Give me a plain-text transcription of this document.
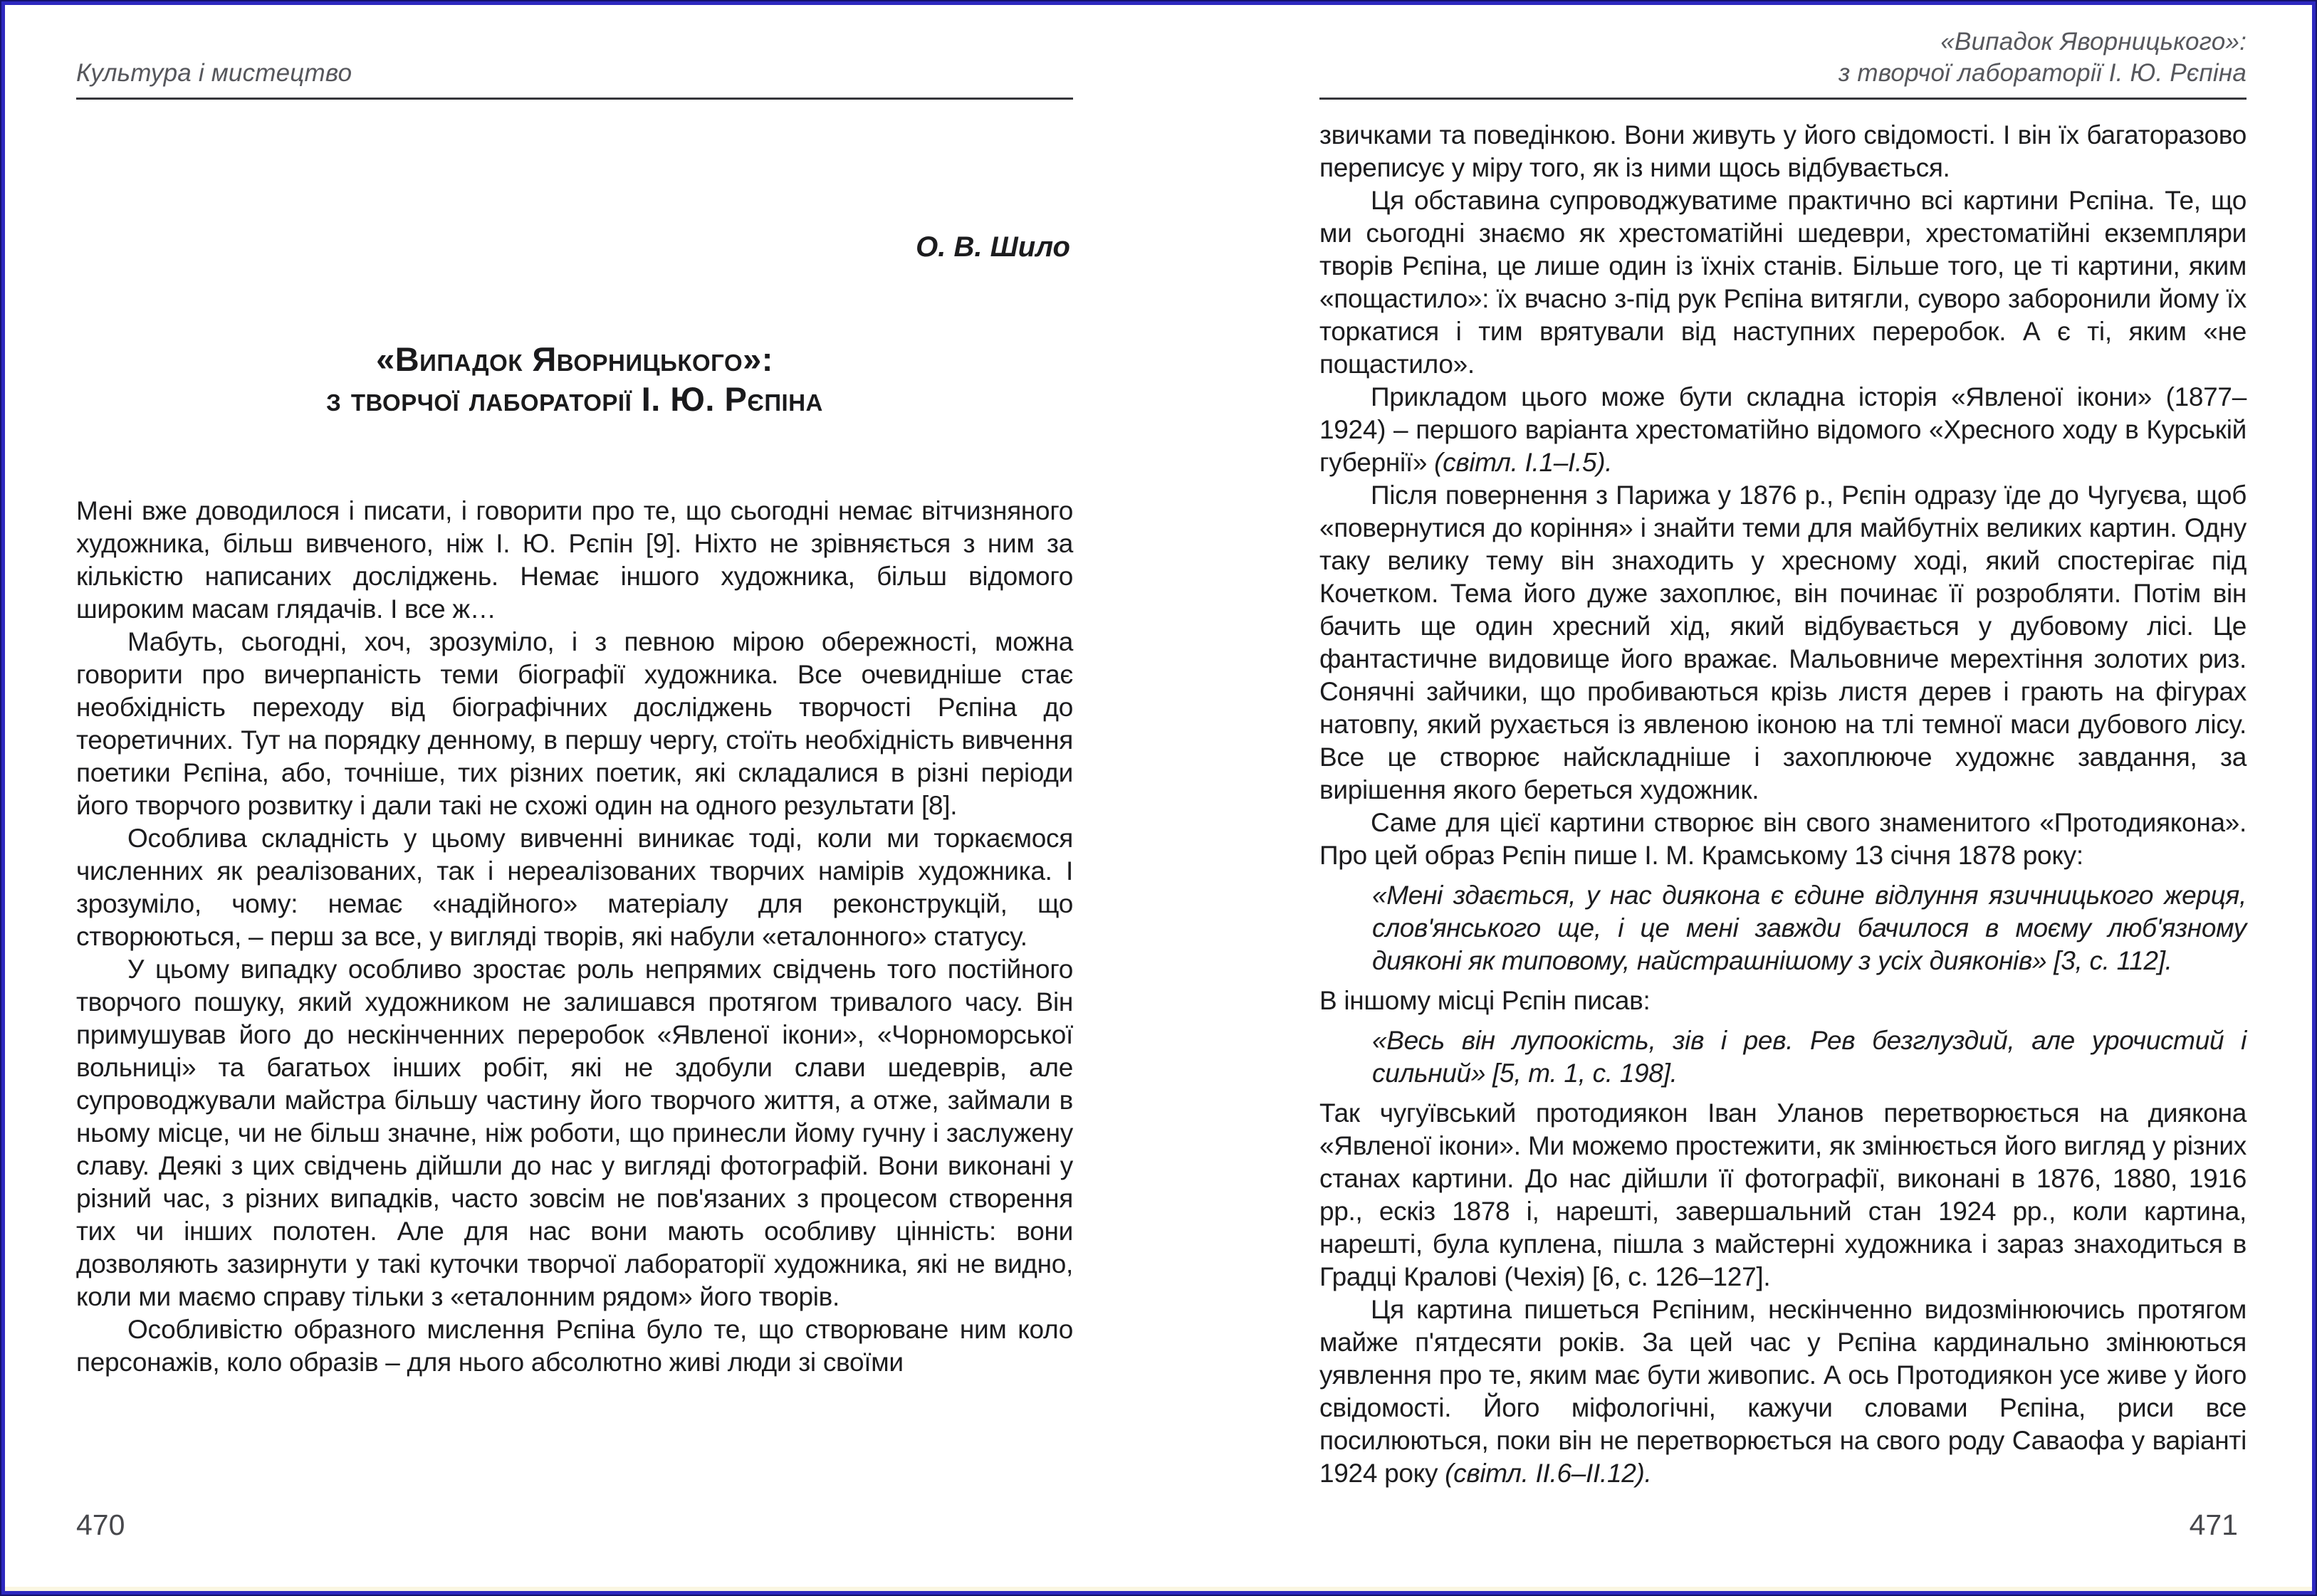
Культура і мистецтво
О. В. Шило
«Випадок Яворницького»:
з творчої лабораторії І. Ю. Рєпіна

Мені вже доводилося і писати, і говорити про те, що сьогодні немає вітчизняного художника, більш вивченого, ніж І. Ю. Рєпін [9]. Ніхто не зрівняється з ним за кількістю написаних досліджень. Немає іншого художника, більш відомого широким масам глядачів. І все ж…

Мабуть, сьогодні, хоч, зрозуміло, і з певною мірою обережності, можна говорити про вичерпаність теми біографії художника. Все очевидніше стає необхідність переходу від біографічних досліджень творчості Рєпіна до теоретичних. Тут на порядку денному, в першу чергу, стоїть необхідність вивчення поетики Рєпіна, або, точніше, тих різних поетик, які складалися в різні періоди його творчого розвитку і дали такі не схожі один на одного результати [8].

Особлива складність у цьому вивченні виникає тоді, коли ми торкаємося численних як реалізованих, так і нереалізованих творчих намірів художника. І зрозуміло, чому: немає «надійного» матеріалу для реконструкцій, що створюються, – перш за все, у вигляді творів, які набули «еталонного» статусу.

У цьому випадку особливо зростає роль непрямих свідчень того постійного творчого пошуку, який художником не залишався протягом тривалого часу. Він примушував його до нескінченних переробок «Явленої ікони», «Чорноморської вольниці» та багатьох інших робіт, які не здобули слави шедеврів, але супроводжували майстра більшу частину його творчого життя, а отже, займали в ньому місце, чи не більш значне, ніж роботи, що принесли йому гучну і заслужену славу. Деякі з цих свідчень дійшли до нас у вигляді фотографій. Вони виконані у різний час, з різних випадків, часто зовсім не пов'язаних з процесом створення тих чи інших полотен. Але для нас вони мають особливу цінність: вони дозволяють зазирнути у такі куточки творчої лабораторії художника, які не видно, коли ми маємо справу тільки з «еталонним рядом» його творів.

Особливістю образного мислення Рєпіна було те, що створюване ним коло персонажів, коло образів – для нього абсолютно живі люди зі своїми

470
«Випадок Яворницького»:
з творчої лабораторії І. Ю. Рєпіна

звичками та поведінкою. Вони живуть у його свідомості. І він їх багаторазово переписує у міру того, як із ними щось відбувається.

Ця обставина супроводжуватиме практично всі картини Рєпіна. Те, що ми сьогодні знаємо як хрестоматійні шедеври, хрестоматійні екземпляри творів Рєпіна, це лише один із їхніх станів. Більше того, це ті картини, яким «пощастило»: їх вчасно з-під рук Рєпіна витягли, суворо заборонили йому їх торкатися і тим врятували від наступних переробок. А є ті, яким «не пощастило».

Прикладом цього може бути складна історія «Явленої ікони» (1877–1924) – першого варіанта хрестоматійно відомого «Хресного ходу в Курській губернії» (світл. І.1–І.5).

Після повернення з Парижа у 1876 р., Рєпін одразу їде до Чугуєва, щоб «повернутися до коріння» і знайти теми для майбутніх великих картин. Одну таку велику тему він знаходить у хресному ході, який спостерігає під Кочетком. Тема його дуже захоплює, він починає її розробляти. Потім він бачить ще один хресний хід, який відбувається у дубовому лісі. Це фантастичне видовище його вражає. Мальовниче мерехтіння золотих риз. Сонячні зайчики, що пробиваються крізь листя дерев і грають на фігурах натовпу, який рухається із явленою іконою на тлі темної маси дубового лісу. Все це створює найскладніше і захоплююче художнє завдання, за вирішення якого береться художник.

Саме для цієї картини створює він свого знаменитого «Протодиякона». Про цей образ Рєпін пише І. М. Крамському 13 січня 1878 року:

«Мені здається, у нас диякона є єдине відлуння язичницького жерця, слов'янського ще, і це мені завжди бачилося в моєму люб'язному дияконі як типовому, найстрашнішому з усіх дияконів» [3, с. 112].

В іншому місці Рєпін писав:

«Весь він лупоокість, зів і рев. Рев безглуздий, але урочистий і сильний» [5, т. 1, с. 198].

Так чугуївський протодиякон Іван Уланов перетворюється на диякона «Явленої ікони». Ми можемо простежити, як змінюється його вигляд у різних станах картини. До нас дійшли її фотографії, виконані в 1876, 1880, 1916 рр., ескіз 1878 і, нарешті, завершальний стан 1924 рр., коли картина, нарешті, була куплена, пішла з майстерні художника і зараз знаходиться в Градці Кралові (Чехія) [6, с. 126–127].

Ця картина пишеться Рєпіним, нескінченно видозмінюючись протягом майже п'ятдесяти років. За цей час у Рєпіна кардинально змінюються уявлення про те, яким має бути живопис. А ось Протодиякон усе живе у його свідомості. Його міфологічні, кажучи словами Рєпіна, риси все посилюються, поки він не перетворюється на свого роду Саваофа у варіанті 1924 року (світл. ІІ.6–ІІ.12).

471
